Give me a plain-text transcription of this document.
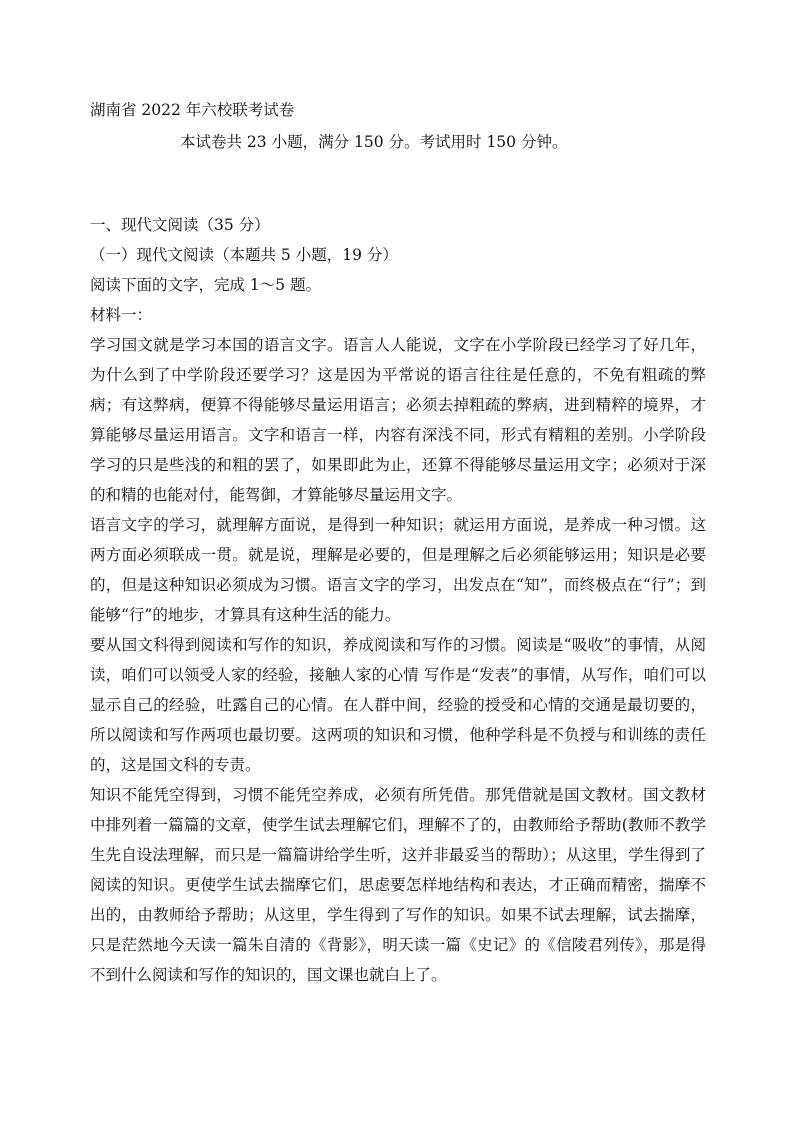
湖南省 2022 年六校联考试卷

本试卷共 23 小题，满分 150 分。考试用时 150 分钟。

一、现代文阅读（35 分）

（一）现代文阅读（本题共 5 小题，19 分）

阅读下面的文字，完成 1～5 题。

材料一：

学习国文就是学习本国的语言文字。语言人人能说，文字在小学阶段已经学习了好几年，为什么到了中学阶段还要学习？这是因为平常说的语言往往是任意的，不免有粗疏的弊病；有这弊病，便算不得能够尽量运用语言；必须去掉粗疏的弊病，进到精粹的境界，才算能够尽量运用语言。文字和语言一样，内容有深浅不同，形式有精粗的差别。小学阶段学习的只是些浅的和粗的罢了，如果即此为止，还算不得能够尽量运用文字；必须对于深的和精的也能对付，能驾御，才算能够尽量运用文字。

语言文字的学习，就理解方面说，是得到一种知识；就运用方面说，是养成一种习惯。这两方面必须联成一贯。就是说，理解是必要的，但是理解之后必须能够运用；知识是必要的，但是这种知识必须成为习惯。语言文字的学习，出发点在“知”，而终极点在“行”；到能够“行”的地步，才算具有这种生活的能力。

要从国文科得到阅读和写作的知识，养成阅读和写作的习惯。阅读是“吸收”的事情，从阅读，咱们可以领受人家的经验，接触人家的心情 写作是“发表”的事情，从写作，咱们可以显示自己的经验，吐露自己的心情。在人群中间，经验的授受和心情的交通是最切要的，所以阅读和写作两项也最切要。这两项的知识和习惯，他种学科是不负授与和训练的责任的，这是国文科的专责。

知识不能凭空得到，习惯不能凭空养成，必须有所凭借。那凭借就是国文教材。国文教材中排列着一篇篇的文章，使学生试去理解它们，理解不了的，由教师给予帮助(教师不教学生先自设法理解，而只是一篇篇讲给学生听，这并非最妥当的帮助）；从这里，学生得到了阅读的知识。更使学生试去揣摩它们，思虑要怎样地结构和表达，才正确而精密，揣摩不出的，由教师给予帮助；从这里，学生得到了写作的知识。如果不试去理解，试去揣摩，只是茫然地今天读一篇朱自清的《背影》，明天读一篇《史记》的《信陵君列传》，那是得不到什么阅读和写作的知识的，国文课也就白上了。
